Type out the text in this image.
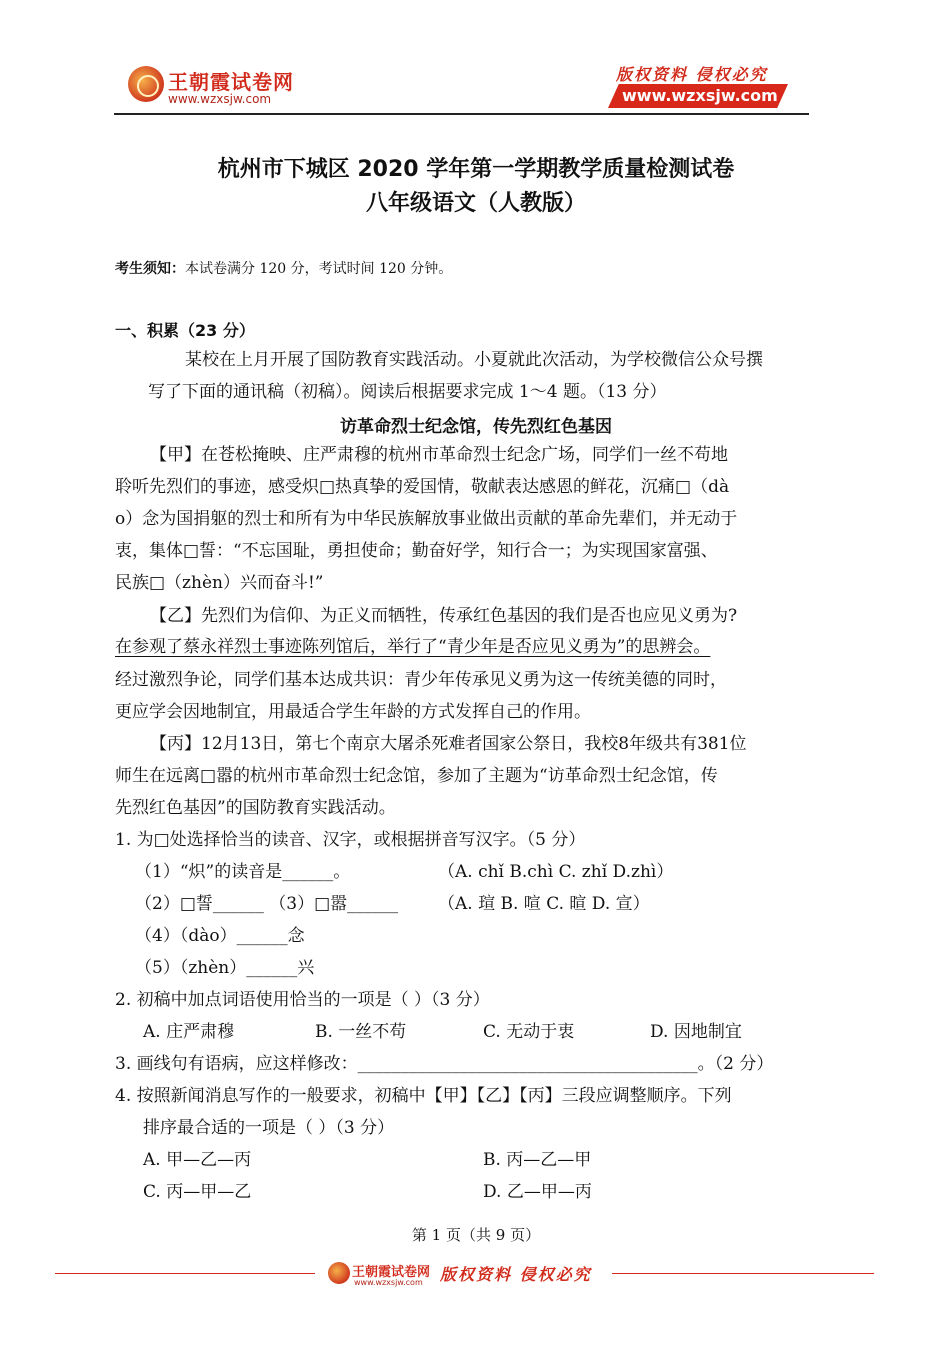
王朝霞试卷网
www.wzxsjw.com
版权资料 侵权必究
www.wzxsjw.com
杭州市下城区 2020 学年第一学期教学质量检测试卷
八年级语文（人教版）
考生须知：本试卷满分 120 分，考试时间 120 分钟。
一、积累（23 分）
某校在上月开展了国防教育实践活动。小夏就此次活动，为学校微信公众号撰
写了下面的通讯稿（初稿）。阅读后根据要求完成 1～4 题。（13 分）
访革命烈士纪念馆，传先烈红色基因
【甲】在苍松掩映、庄严肃穆的杭州市革命烈士纪念广场，同学们一丝不苟地
聆听先烈们的事迹，感受炽□热真挚的爱国情，敬献表达感恩的鲜花，沉痛□（dà
o）念为国捐躯的烈士和所有为中华民族解放事业做出贡献的革命先辈们，并无动于
衷，集体□誓：“不忘国耻，勇担使命；勤奋好学，知行合一；为实现国家富强、
民族□（zhèn）兴而奋斗!”
【乙】先烈们为信仰、为正义而牺牲，传承红色基因的我们是否也应见义勇为?
在参观了蔡永祥烈士事迹陈列馆后，举行了“青少年是否应见义勇为”的思辨会。
经过激烈争论，同学们基本达成共识：青少年传承见义勇为这一传统美德的同时，
更应学会因地制宜，用最适合学生年龄的方式发挥自己的作用。
【丙】12月13日，第七个南京大屠杀死难者国家公祭日，我校8年级共有381位
师生在远离□嚣的杭州市革命烈士纪念馆，参加了主题为“访革命烈士纪念馆，传
先烈红色基因”的国防教育实践活动。
1. 为□处选择恰当的读音、汉字，或根据拼音写汉字。（5 分）
（1）“炽”的读音是______。	（A. chǐ B.chì C. zhǐ D.zhì）
（2）□誓______ （3）□嚣______ （A. 瑄 B. 喧 C. 暄 D. 宣）
（4）（dào）______念
（5）（zhèn）______兴
2. 初稿中加点词语使用恰当的一项是（ ）（3 分）
A. 庄严肃穆	B. 一丝不苟	C. 无动于衷	D. 因地制宜
3. 画线句有语病，应这样修改：________________________________________。（2 分）
4. 按照新闻消息写作的一般要求，初稿中【甲】【乙】【丙】三段应调整顺序。下列
排序最合适的一项是（ ）（3 分）
A. 甲—乙—丙	B. 丙—乙—甲
C. 丙—甲—乙	D. 乙—甲—丙
第 1 页（共 9 页）
王朝霞试卷网
www.wzxsjw.com 版权资料 侵权必究
